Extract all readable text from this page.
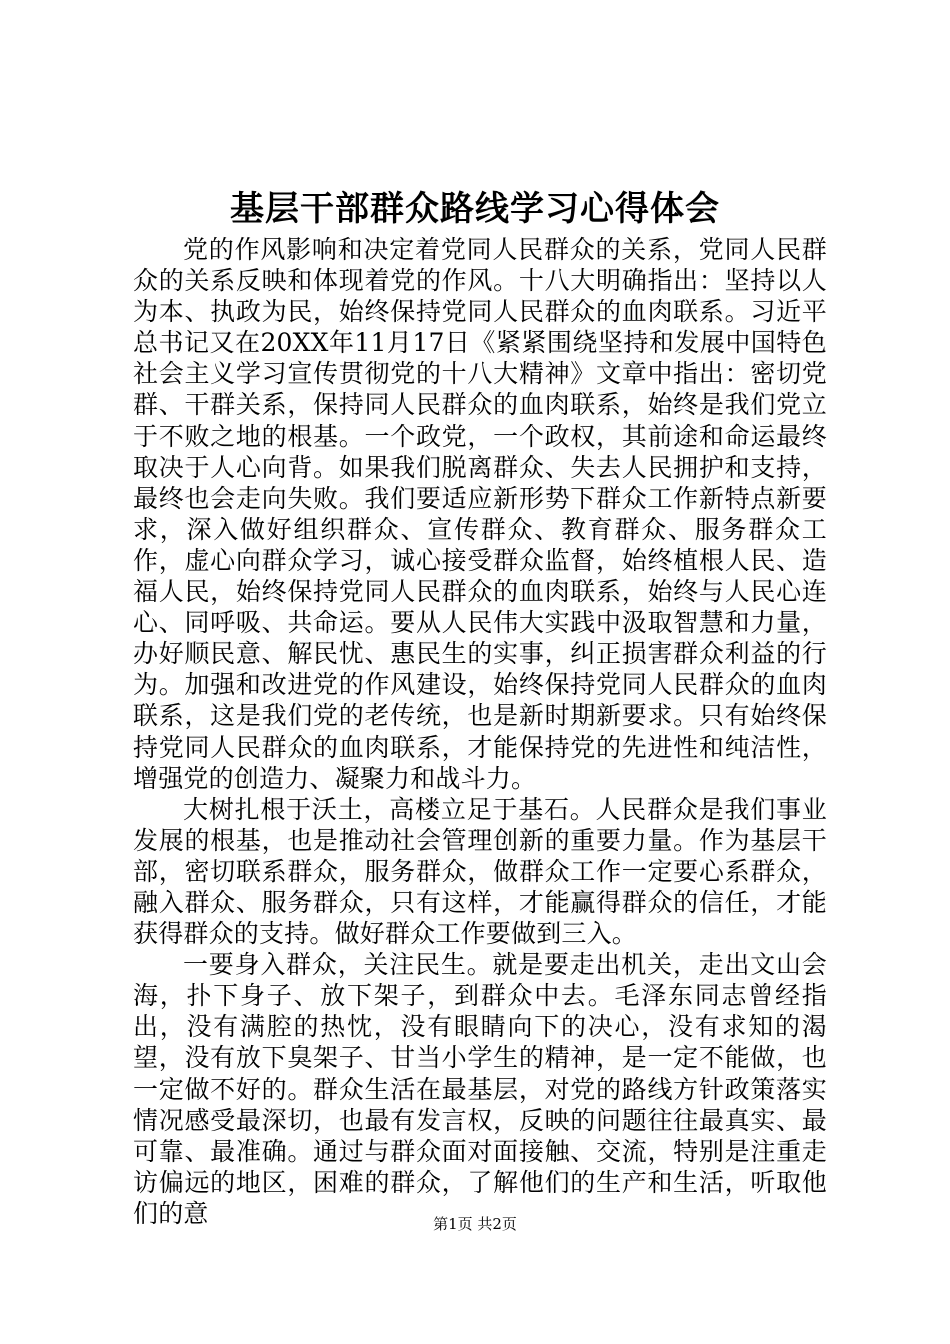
基层干部群众路线学习心得体会

党的作风影响和决定着党同人民群众的关系，党同人民群众的关系反映和体现着党的作风。十八大明确指出：坚持以人为本、执政为民，始终保持党同人民群众的血肉联系。习近平总书记又在20XX年11月17日《紧紧围绕坚持和发展中国特色社会主义学习宣传贯彻党的十八大精神》文章中指出：密切党群、干群关系，保持同人民群众的血肉联系，始终是我们党立于不败之地的根基。一个政党，一个政权，其前途和命运最终取决于人心向背。如果我们脱离群众、失去人民拥护和支持，最终也会走向失败。我们要适应新形势下群众工作新特点新要求，深入做好组织群众、宣传群众、教育群众、服务群众工作，虚心向群众学习，诚心接受群众监督，始终植根人民、造福人民，始终保持党同人民群众的血肉联系，始终与人民心连心、同呼吸、共命运。要从人民伟大实践中汲取智慧和力量，办好顺民意、解民忧、惠民生的实事，纠正损害群众利益的行为。加强和改进党的作风建设，始终保持党同人民群众的血肉联系，这是我们党的老传统，也是新时期新要求。只有始终保持党同人民群众的血肉联系，才能保持党的先进性和纯洁性，增强党的创造力、凝聚力和战斗力。

大树扎根于沃土，高楼立足于基石。人民群众是我们事业发展的根基，也是推动社会管理创新的重要力量。作为基层干部，密切联系群众，服务群众，做群众工作一定要心系群众，融入群众、服务群众，只有这样，才能赢得群众的信任，才能获得群众的支持。做好群众工作要做到三入。

一要身入群众，关注民生。就是要走出机关，走出文山会海，扑下身子、放下架子，到群众中去。毛泽东同志曾经指出，没有满腔的热忱，没有眼睛向下的决心，没有求知的渴望，没有放下臭架子、甘当小学生的精神，是一定不能做，也一定做不好的。群众生活在最基层，对党的路线方针政策落实情况感受最深切，也最有发言权，反映的问题往往最真实、最可靠、最准确。通过与群众面对面接触、交流，特别是注重走访偏远的地区，困难的群众，了解他们的生产和生活，听取他们的意	第1页 共2页
